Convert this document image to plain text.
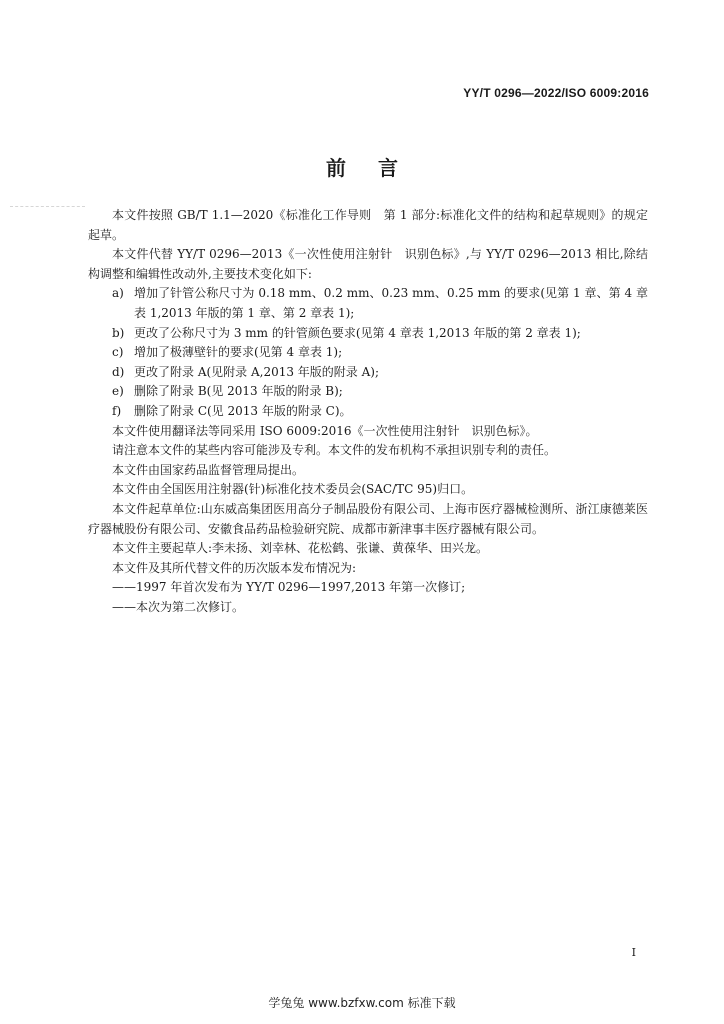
YY/T 0296—2022/ISO 6009:2016
前 言

本文件按照 GB/T 1.1—2020《标准化工作导则　第 1 部分:标准化文件的结构和起草规则》的规定起草。

本文件代替 YY/T 0296—2013《一次性使用注射针　识别色标》,与 YY/T 0296—2013 相比,除结构调整和编辑性改动外,主要技术变化如下:

a) 增加了针管公称尺寸为 0.18 mm、0.2 mm、0.23 mm、0.25 mm 的要求(见第 1 章、第 4 章表 1,2013 年版的第 1 章、第 2 章表 1);
b) 更改了公称尺寸为 3 mm 的针管颜色要求(见第 4 章表 1,2013 年版的第 2 章表 1);
c) 增加了极薄壁针的要求(见第 4 章表 1);
d) 更改了附录 A(见附录 A,2013 年版的附录 A);
e) 删除了附录 B(见 2013 年版的附录 B);
f)	删除了附录 C(见 2013 年版的附录 C)。

本文件使用翻译法等同采用 ISO 6009:2016《一次性使用注射针　识别色标》。

请注意本文件的某些内容可能涉及专利。本文件的发布机构不承担识别专利的责任。

本文件由国家药品监督管理局提出。

本文件由全国医用注射器(针)标准化技术委员会(SAC/TC 95)归口。

本文件起草单位:山东威高集团医用高分子制品股份有限公司、上海市医疗器械检测所、浙江康德莱医疗器械股份有限公司、安徽食品药品检验研究院、成都市新津事丰医疗器械有限公司。

本文件主要起草人:李未扬、刘幸林、花松鹤、张谦、黄葆华、田兴龙。

本文件及其所代替文件的历次版本发布情况为:

——1997 年首次发布为 YY/T 0296—1997,2013 年第一次修订;

——本次为第二次修订。

I
学兔兔 www.bzfxw.com 标准下载
